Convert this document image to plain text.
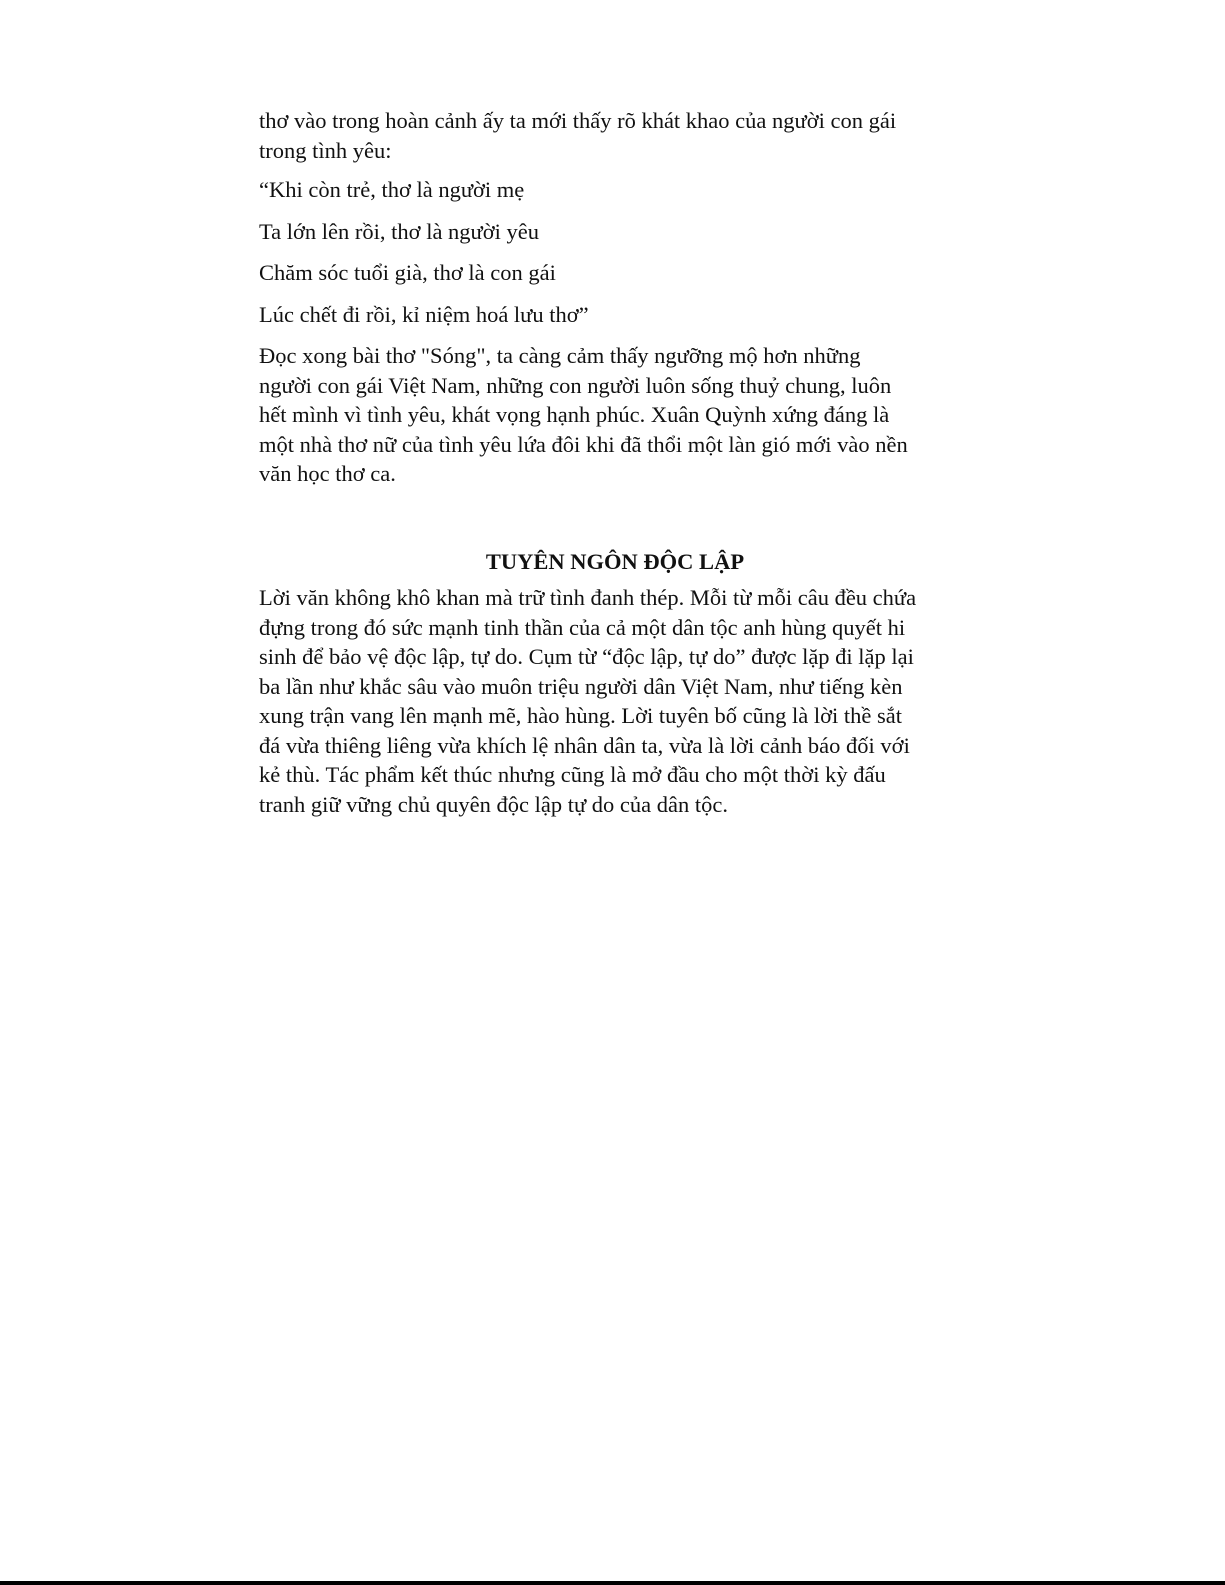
thơ vào trong hoàn cảnh ấy ta mới thấy rõ khát khao của người con gái
trong tình yêu:

“Khi còn trẻ, thơ là người mẹ

Ta lớn lên rồi, thơ là người yêu

Chăm sóc tuổi già, thơ là con gái

Lúc chết đi rồi, kỉ niệm hoá lưu thơ”

Đọc xong bài thơ "Sóng", ta càng cảm thấy ngưỡng mộ hơn những
người con gái Việt Nam, những con người luôn sống thuỷ chung, luôn
hết mình vì tình yêu, khát vọng hạnh phúc. Xuân Quỳnh xứng đáng là
một nhà thơ nữ của tình yêu lứa đôi khi đã thổi một làn gió mới vào nền
văn học thơ ca.

TUYÊN NGÔN ĐỘC LẬP

Lời văn không khô khan mà trữ tình đanh thép. Mỗi từ mỗi câu đều chứa
đựng trong đó sức mạnh tinh thần của cả một dân tộc anh hùng quyết hi
sinh để bảo vệ độc lập, tự do. Cụm từ “độc lập, tự do” được lặp đi lặp lại
ba lần như khắc sâu vào muôn triệu người dân Việt Nam, như tiếng kèn
xung trận vang lên mạnh mẽ, hào hùng. Lời tuyên bố cũng là lời thề sắt
đá vừa thiêng liêng vừa khích lệ nhân dân ta, vừa là lời cảnh báo đối với
kẻ thù. Tác phẩm kết thúc nhưng cũng là mở đầu cho một thời kỳ đấu
tranh giữ vững chủ quyên độc lập tự do của dân tộc.
